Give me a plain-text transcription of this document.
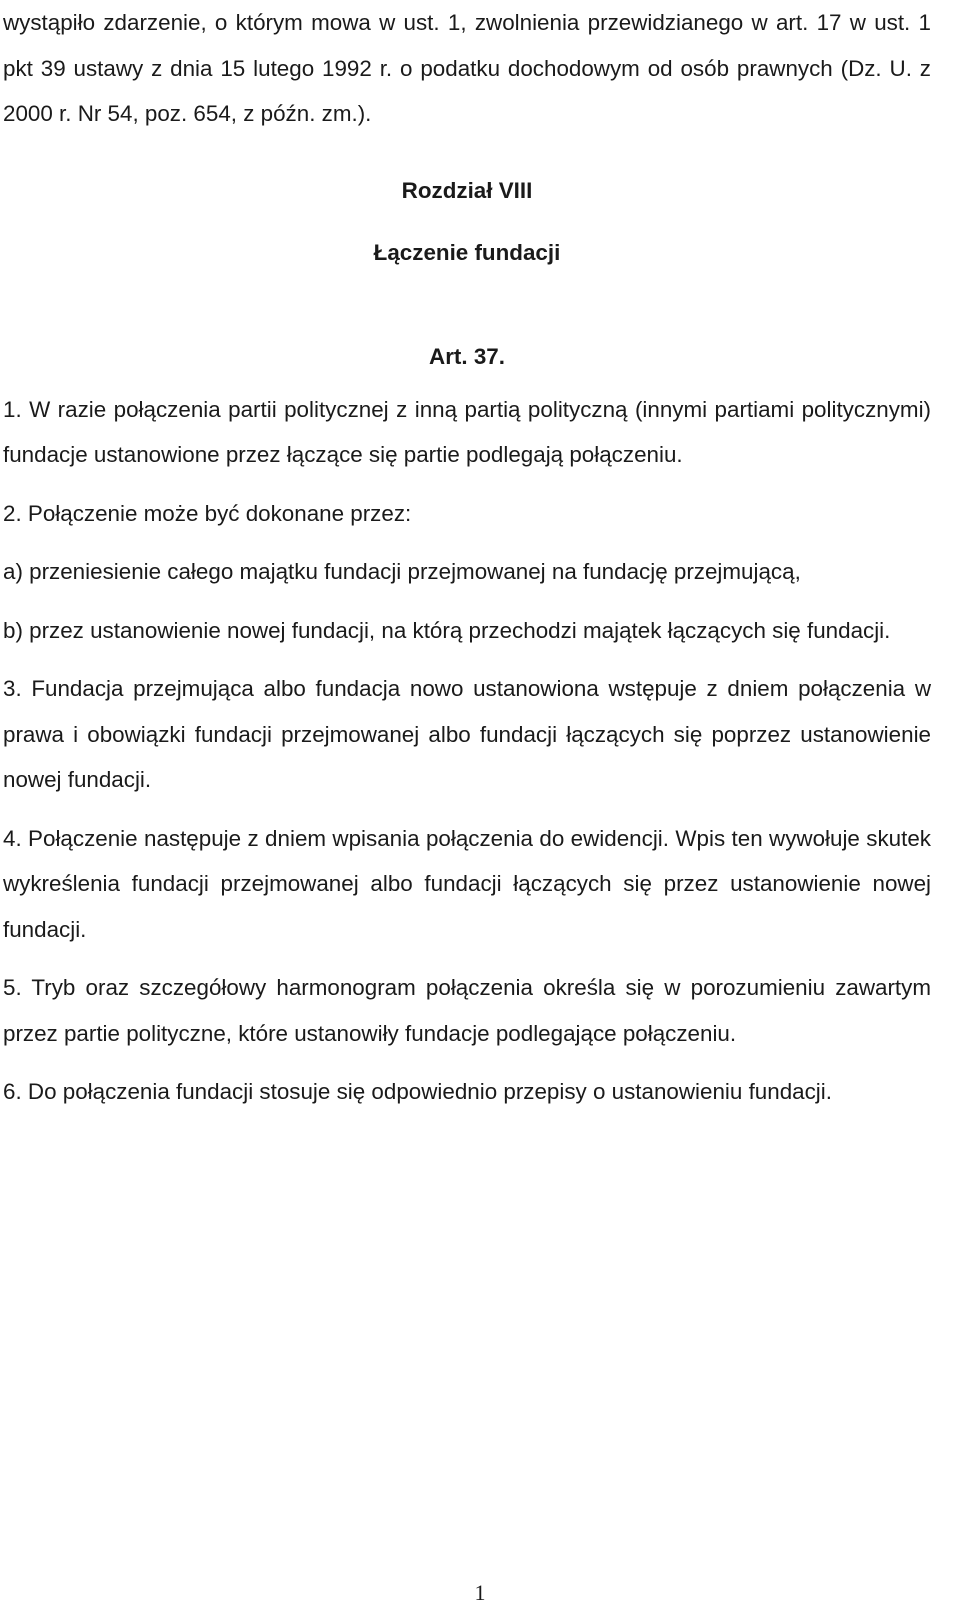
wystąpiło zdarzenie, o którym mowa w ust. 1, zwolnienia przewidzianego w art. 17 w ust. 1 pkt 39 ustawy z dnia 15 lutego 1992 r. o podatku dochodowym od osób prawnych (Dz. U. z 2000 r. Nr 54, poz. 654, z późn. zm.).

Rozdział VIII
Łączenie fundacji
Art. 37.

1. W razie połączenia partii politycznej z inną partią polityczną (innymi partiami politycznymi) fundacje ustanowione przez łączące się partie podlegają połączeniu.

2. Połączenie może być dokonane przez:

a) przeniesienie całego majątku fundacji przejmowanej na fundację przejmującą,

b) przez ustanowienie nowej fundacji, na którą przechodzi majątek łączących się fundacji.

3. Fundacja przejmująca albo fundacja nowo ustanowiona wstępuje z dniem połączenia w prawa i obowiązki fundacji przejmowanej albo fundacji łączących się poprzez ustanowienie nowej fundacji.

4. Połączenie następuje z dniem wpisania połączenia do ewidencji. Wpis ten wywołuje skutek wykreślenia fundacji przejmowanej albo fundacji łączących się przez ustanowienie nowej fundacji.

5. Tryb oraz szczegółowy harmonogram połączenia określa się w porozumieniu zawartym przez partie polityczne, które ustanowiły fundacje podlegające połączeniu.

6. Do połączenia fundacji stosuje się odpowiednio przepisy o ustanowieniu fundacji.

1
